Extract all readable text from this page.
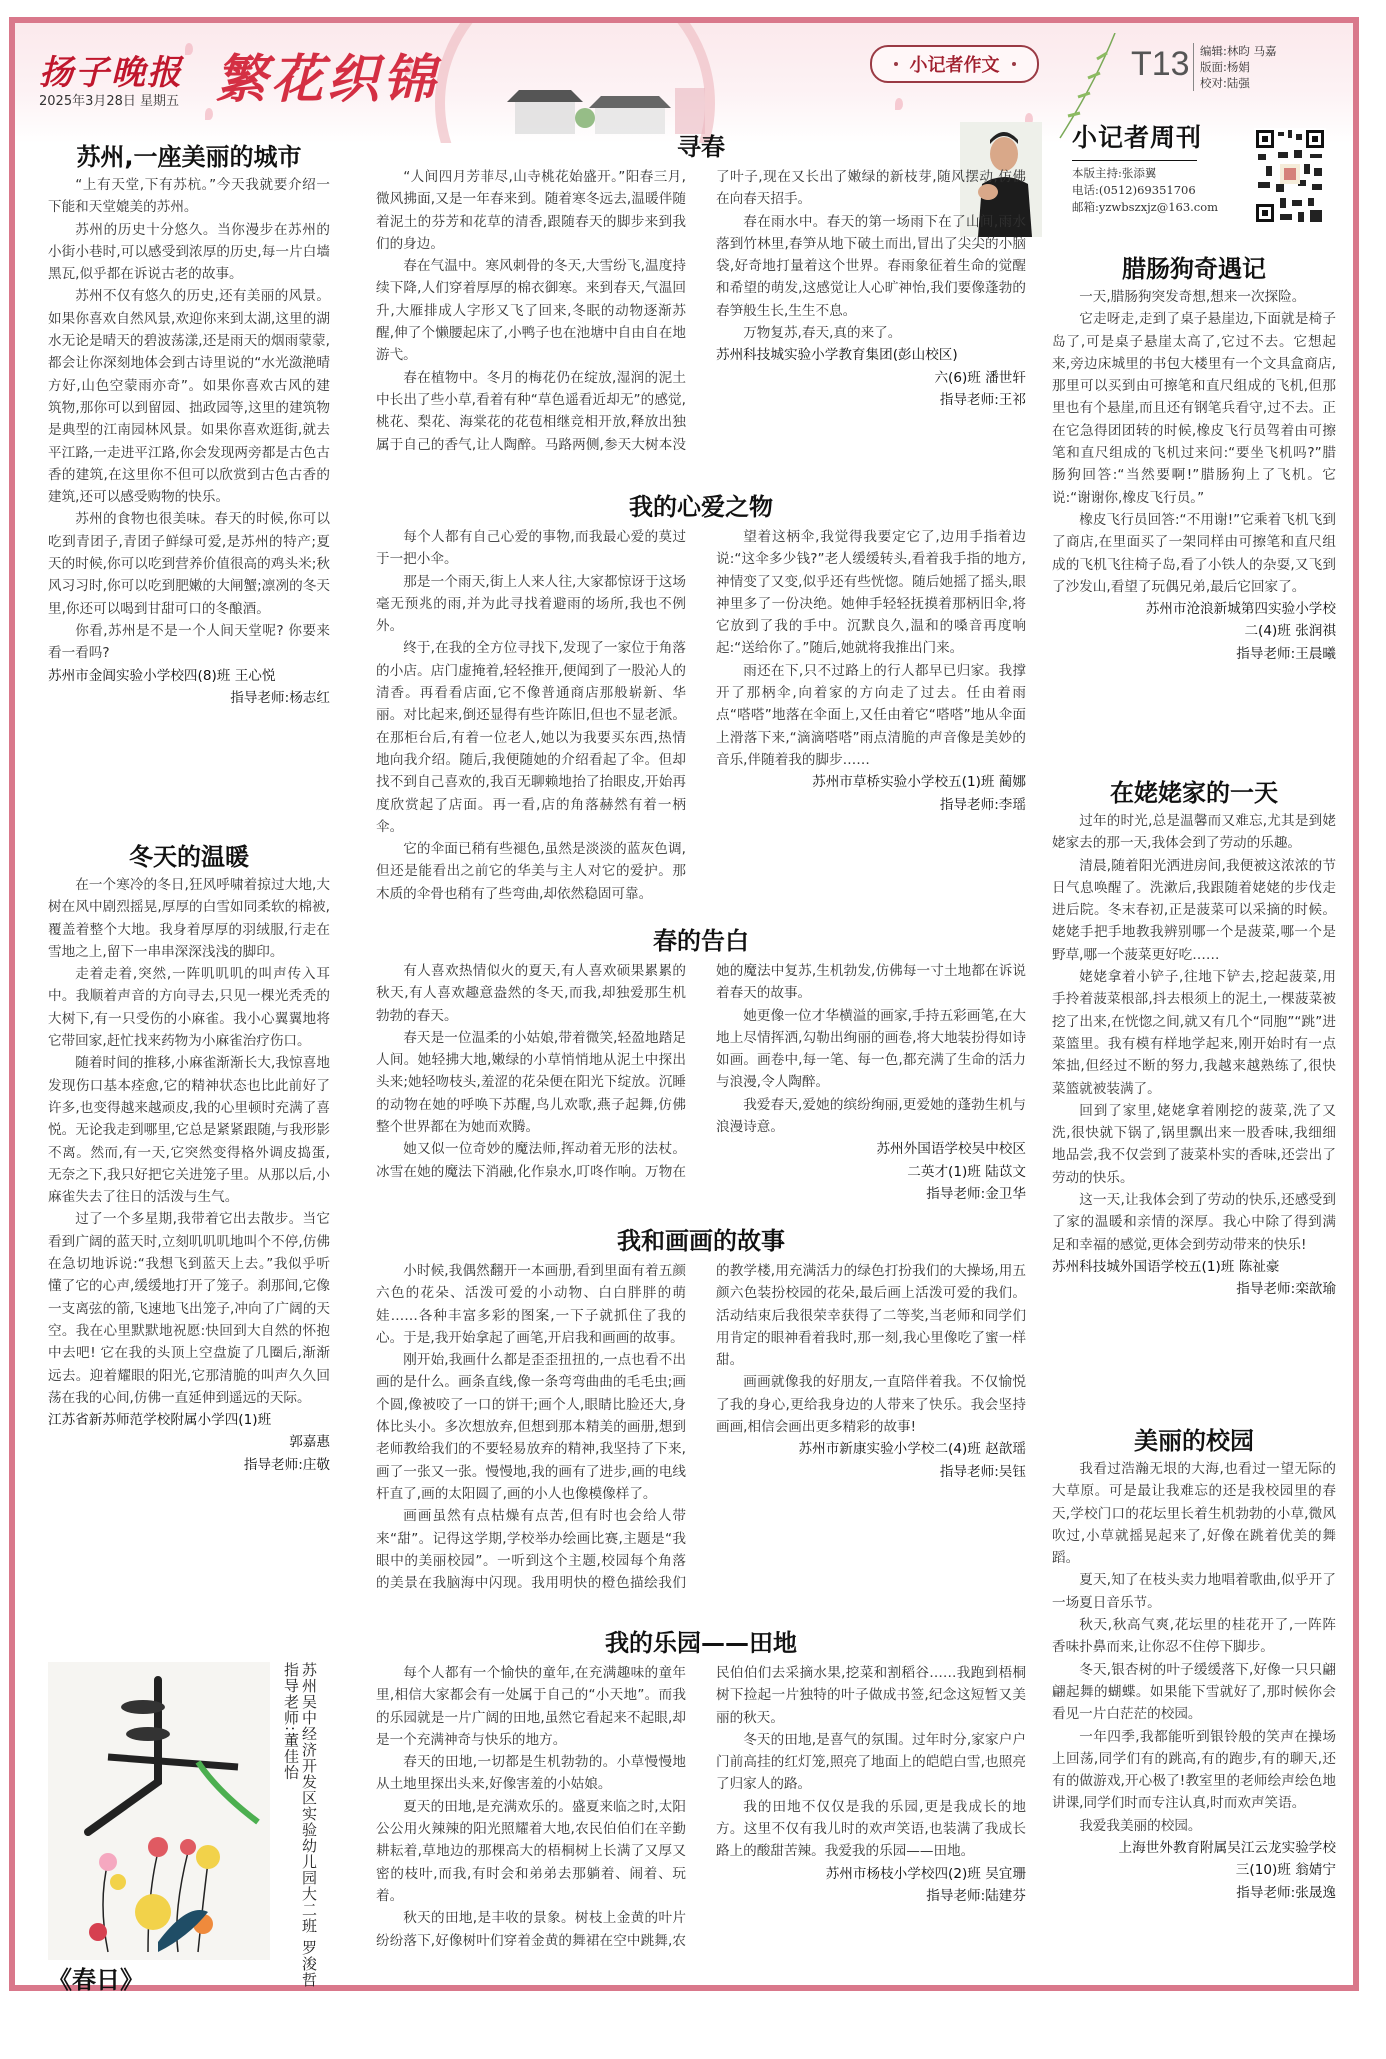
扬子晚报
2025年3月28日 星期五 繁花织锦	小记者作文	T13 编辑:林昀 马嘉
版面:杨娟
校对:陆强
小记者周刊
本版主持:张添翼
电话:(0512)69351706
邮箱:yzwbszxjz@163.com
苏州,一座美丽的城市

“上有天堂,下有苏杭。”今天我就要介绍一下能和天堂媲美的苏州。

苏州的历史十分悠久。当你漫步在苏州的小街小巷时,可以感受到浓厚的历史,每一片白墙黑瓦,似乎都在诉说古老的故事。

苏州不仅有悠久的历史,还有美丽的风景。如果你喜欢自然风景,欢迎你来到太湖,这里的湖水无论是晴天的碧波荡漾,还是雨天的烟雨蒙蒙,都会让你深刻地体会到古诗里说的“水光潋滟晴方好,山色空蒙雨亦奇”。如果你喜欢古风的建筑物,那你可以到留园、拙政园等,这里的建筑物是典型的江南园林风景。如果你喜欢逛街,就去平江路,一走进平江路,你会发现两旁都是古色古香的建筑,在这里你不但可以欣赏到古色古香的建筑,还可以感受购物的快乐。

苏州的食物也很美味。春天的时候,你可以吃到青团子,青团子鲜绿可爱,是苏州的特产;夏天的时候,你可以吃到营养价值很高的鸡头米;秋风习习时,你可以吃到肥嫩的大闸蟹;凛冽的冬天里,你还可以喝到甘甜可口的冬酿酒。

你看,苏州是不是一个人间天堂呢? 你要来看一看吗?

苏州市金阊实验小学校四(8)班 王心悦
指导老师:杨志红
冬天的温暖

在一个寒冷的冬日,狂风呼啸着掠过大地,大树在风中剧烈摇晃,厚厚的白雪如同柔软的棉被,覆盖着整个大地。我身着厚厚的羽绒服,行走在雪地之上,留下一串串深深浅浅的脚印。

走着走着,突然,一阵叽叽叽的叫声传入耳中。我顺着声音的方向寻去,只见一棵光秃秃的大树下,有一只受伤的小麻雀。我小心翼翼地将它带回家,赶忙找来药物为小麻雀治疗伤口。

随着时间的推移,小麻雀渐渐长大,我惊喜地发现伤口基本痊愈,它的精神状态也比此前好了许多,也变得越来越顽皮,我的心里顿时充满了喜悦。无论我走到哪里,它总是紧紧跟随,与我形影不离。然而,有一天,它突然变得格外调皮捣蛋,无奈之下,我只好把它关进笼子里。从那以后,小麻雀失去了往日的活泼与生气。

过了一个多星期,我带着它出去散步。当它看到广阔的蓝天时,立刻叽叽叽地叫个不停,仿佛在急切地诉说:“我想飞到蓝天上去。”我似乎听懂了它的心声,缓缓地打开了笼子。刹那间,它像一支离弦的箭,飞速地飞出笼子,冲向了广阔的天空。我在心里默默地祝愿:快回到大自然的怀抱中去吧! 它在我的头顶上空盘旋了几圈后,渐渐远去。迎着耀眼的阳光,它那清脆的叫声久久回荡在我的心间,仿佛一直延伸到遥远的天际。

江苏省新苏师范学校附属小学四(1)班
郭嘉惠
指导老师:庄敬
苏州吴中经济开发区实验幼儿园大二班 罗浚哲
指导老师:董佳怡
《春日》
寻春

“人间四月芳菲尽,山寺桃花始盛开。”阳春三月,微风拂面,又是一年春来到。随着寒冬远去,温暖伴随着泥土的芬芳和花草的清香,跟随春天的脚步来到我们的身边。

春在气温中。寒风刺骨的冬天,大雪纷飞,温度持续下降,人们穿着厚厚的棉衣御寒。来到春天,气温回升,大雁排成人字形又飞了回来,冬眠的动物逐渐苏醒,伸了个懒腰起床了,小鸭子也在池塘中自由自在地游弋。

春在植物中。冬月的梅花仍在绽放,湿润的泥土中长出了些小草,看着有种“草色遥看近却无”的感觉,桃花、梨花、海棠花的花苞相继竞相开放,释放出独属于自己的香气,让人陶醉。马路两侧,参天大树本没了叶子,现在又长出了嫩绿的新枝芽,随风摆动,仿佛在向春天招手。

春在雨水中。春天的第一场雨下在了山间,雨水落到竹林里,春笋从地下破土而出,冒出了尖尖的小脑袋,好奇地打量着这个世界。春雨象征着生命的觉醒和希望的萌发,这感觉让人心旷神怡,我们要像蓬勃的春笋般生长,生生不息。

万物复苏,春天,真的来了。

苏州科技城实验小学教育集团(彭山校区)
六(6)班 潘世轩
指导老师:王祁
我的心爱之物

每个人都有自己心爱的事物,而我最心爱的莫过于一把小伞。

那是一个雨天,街上人来人往,大家都惊讶于这场毫无预兆的雨,并为此寻找着避雨的场所,我也不例外。

终于,在我的全方位寻找下,发现了一家位于角落的小店。店门虚掩着,轻轻推开,便闻到了一股沁人的清香。再看看店面,它不像普通商店那般崭新、华丽。对比起来,倒还显得有些许陈旧,但也不显老派。在那柜台后,有着一位老人,她以为我要买东西,热情地向我介绍。随后,我便随她的介绍看起了伞。但却找不到自己喜欢的,我百无聊赖地抬了抬眼皮,开始再度欣赏起了店面。再一看,店的角落赫然有着一柄伞。

它的伞面已稍有些褪色,虽然是淡淡的蓝灰色调,但还是能看出之前它的华美与主人对它的爱护。那木质的伞骨也稍有了些弯曲,却依然稳固可靠。

望着这柄伞,我觉得我要定它了,边用手指着边说:“这伞多少钱?”老人缓缓转头,看着我手指的地方,神情变了又变,似乎还有些恍惚。随后她摇了摇头,眼神里多了一份决绝。她伸手轻轻抚摸着那柄旧伞,将它放到了我的手中。沉默良久,温和的嗓音再度响起:“送给你了。”随后,她就将我推出门来。

雨还在下,只不过路上的行人都早已归家。我撑开了那柄伞,向着家的方向走了过去。任由着雨点“嗒嗒”地落在伞面上,又任由着它“嗒嗒”地从伞面上滑落下来,“滴滴嗒嗒”雨点清脆的声音像是美妙的音乐,伴随着我的脚步……

苏州市草桥实验小学校五(1)班 蔺娜
指导老师:李瑶
春的告白

有人喜欢热情似火的夏天,有人喜欢硕果累累的秋天,有人喜欢趣意盎然的冬天,而我,却独爱那生机勃勃的春天。

春天是一位温柔的小姑娘,带着微笑,轻盈地踏足人间。她轻拂大地,嫩绿的小草悄悄地从泥土中探出头来;她轻吻枝头,羞涩的花朵便在阳光下绽放。沉睡的动物在她的呼唤下苏醒,鸟儿欢歌,燕子起舞,仿佛整个世界都在为她而欢腾。

她又似一位奇妙的魔法师,挥动着无形的法杖。冰雪在她的魔法下消融,化作泉水,叮咚作响。万物在她的魔法中复苏,生机勃发,仿佛每一寸土地都在诉说着春天的故事。

她更像一位才华横溢的画家,手持五彩画笔,在大地上尽情挥洒,勾勒出绚丽的画卷,将大地装扮得如诗如画。画卷中,每一笔、每一色,都充满了生命的活力与浪漫,令人陶醉。

我爱春天,爱她的缤纷绚丽,更爱她的蓬勃生机与浪漫诗意。

苏州外国语学校吴中校区
二英才(1)班 陆苡文
指导老师:金卫华
我和画画的故事

小时候,我偶然翻开一本画册,看到里面有着五颜六色的花朵、活泼可爱的小动物、白白胖胖的萌娃……各种丰富多彩的图案,一下子就抓住了我的心。于是,我开始拿起了画笔,开启我和画画的故事。

刚开始,我画什么都是歪歪扭扭的,一点也看不出画的是什么。画条直线,像一条弯弯曲曲的毛毛虫;画个圆,像被咬了一口的饼干;画个人,眼睛比脸还大,身体比头小。多次想放弃,但想到那本精美的画册,想到老师教给我们的不要轻易放弃的精神,我坚持了下来,画了一张又一张。慢慢地,我的画有了进步,画的电线杆直了,画的太阳圆了,画的小人也像模像样了。

画画虽然有点枯燥有点苦,但有时也会给人带来“甜”。记得这学期,学校举办绘画比赛,主题是“我眼中的美丽校园”。一听到这个主题,校园每个角落的美景在我脑海中闪现。我用明快的橙色描绘我们的教学楼,用充满活力的绿色打扮我们的大操场,用五颜六色装扮校园的花朵,最后画上活泼可爱的我们。活动结束后我很荣幸获得了二等奖,当老师和同学们用肯定的眼神看着我时,那一刻,我心里像吃了蜜一样甜。

画画就像我的好朋友,一直陪伴着我。不仅愉悦了我的身心,更给我身边的人带来了快乐。我会坚持画画,相信会画出更多精彩的故事!

苏州市新康实验小学校二(4)班 赵歆瑶
指导老师:吴钰
我的乐园——田地

每个人都有一个愉快的童年,在充满趣味的童年里,相信大家都会有一处属于自己的“小天地”。而我的乐园就是一片广阔的田地,虽然它看起来不起眼,却是一个充满神奇与快乐的地方。

春天的田地,一切都是生机勃勃的。小草慢慢地从土地里探出头来,好像害羞的小姑娘。

夏天的田地,是充满欢乐的。盛夏来临之时,太阳公公用火辣辣的阳光照耀着大地,农民伯伯们在辛勤耕耘着,草地边的那棵高大的梧桐树上长满了又厚又密的枝叶,而我,有时会和弟弟去那躺着、闹着、玩着。

秋天的田地,是丰收的景象。树枝上金黄的叶片纷纷落下,好像树叶们穿着金黄的舞裙在空中跳舞,农民伯伯们去采摘水果,挖菜和割稻谷……我跑到梧桐树下捡起一片独特的叶子做成书签,纪念这短暂又美丽的秋天。

冬天的田地,是喜气的氛围。过年时分,家家户户门前高挂的红灯笼,照亮了地面上的皑皑白雪,也照亮了归家人的路。

我的田地不仅仅是我的乐园,更是我成长的地方。这里不仅有我儿时的欢声笑语,也装满了我成长路上的酸甜苦辣。我爱我的乐园——田地。

苏州市杨枝小学校四(2)班 吴宜珊
指导老师:陆建芬
腊肠狗奇遇记

一天,腊肠狗突发奇想,想来一次探险。

它走呀走,走到了桌子悬崖边,下面就是椅子岛了,可是桌子悬崖太高了,它过不去。它想起来,旁边床城里的书包大楼里有一个文具盒商店,那里可以买到由可擦笔和直尺组成的飞机,但那里也有个悬崖,而且还有钢笔兵看守,过不去。正在它急得团团转的时候,橡皮飞行员驾着由可擦笔和直尺组成的飞机过来问:“要坐飞机吗?”腊肠狗回答:“当然要啊!”腊肠狗上了飞机。它说:“谢谢你,橡皮飞行员。”

橡皮飞行员回答:“不用谢!”它乘着飞机飞到了商店,在里面买了一架同样由可擦笔和直尺组成的飞机飞往椅子岛,看了小铁人的杂耍,又飞到了沙发山,看望了玩偶兄弟,最后它回家了。

苏州市沧浪新城第四实验小学校
二(4)班 张润祺
指导老师:王晨曦
在姥姥家的一天

过年的时光,总是温馨而又难忘,尤其是到姥姥家去的那一天,我体会到了劳动的乐趣。

清晨,随着阳光洒进房间,我便被这浓浓的节日气息唤醒了。洗漱后,我跟随着姥姥的步伐走进后院。冬末春初,正是菠菜可以采摘的时候。姥姥手把手地教我辨别哪一个是菠菜,哪一个是野草,哪一个菠菜更好吃……

姥姥拿着小铲子,往地下铲去,挖起菠菜,用手拎着菠菜根部,抖去根须上的泥土,一棵菠菜被挖了出来,在恍惚之间,就又有几个“同胞”“跳”进菜篮里。我有模有样地学起来,刚开始时有一点笨拙,但经过不断的努力,我越来越熟练了,很快菜篮就被装满了。

回到了家里,姥姥拿着刚挖的菠菜,洗了又洗,很快就下锅了,锅里飘出来一股香味,我细细地品尝,我不仅尝到了菠菜朴实的香味,还尝出了劳动的快乐。

这一天,让我体会到了劳动的快乐,还感受到了家的温暖和亲情的深厚。我心中除了得到满足和幸福的感觉,更体会到劳动带来的快乐!

苏州科技城外国语学校五(1)班 陈祉豪
指导老师:栾歆瑜
美丽的校园

我看过浩瀚无垠的大海,也看过一望无际的大草原。可是最让我难忘的还是我校园里的春天,学校门口的花坛里长着生机勃勃的小草,微风吹过,小草就摇晃起来了,好像在跳着优美的舞蹈。

夏天,知了在枝头卖力地唱着歌曲,似乎开了一场夏日音乐节。

秋天,秋高气爽,花坛里的桂花开了,一阵阵香味扑鼻而来,让你忍不住停下脚步。

冬天,银杏树的叶子缓缓落下,好像一只只翩翩起舞的蝴蝶。如果能下雪就好了,那时候你会看见一片白茫茫的校园。

一年四季,我都能听到银铃般的笑声在操场上回荡,同学们有的跳高,有的跑步,有的聊天,还有的做游戏,开心极了!教室里的老师绘声绘色地讲课,同学们时而专注认真,时而欢声笑语。

我爱我美丽的校园。

上海世外教育附属吴江云龙实验学校
三(10)班 翁婧宁
指导老师:张晟逸
